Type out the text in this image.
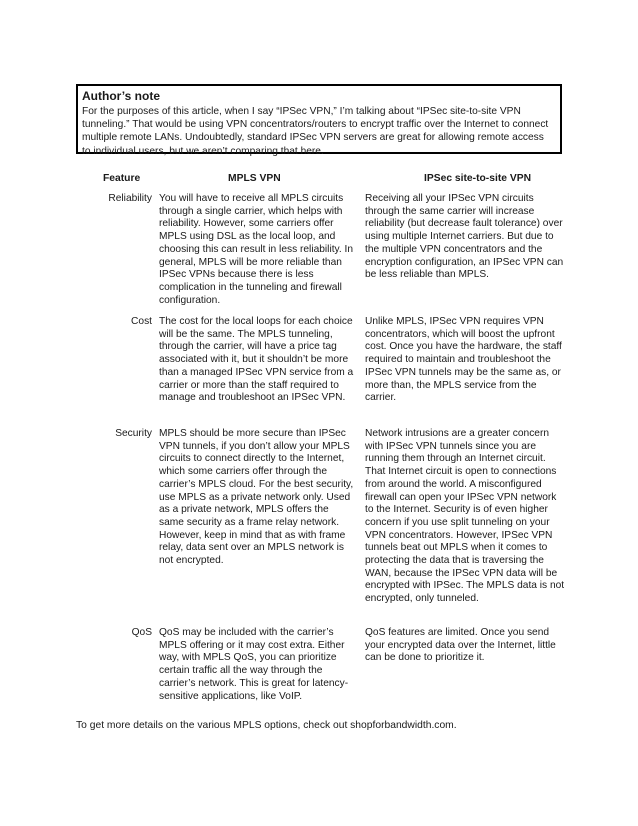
Author’s note

For the purposes of this article, when I say “IPSec VPN,” I’m talking about “IPSec site-to-site VPN tunneling.” That would be using VPN concentrators/routers to encrypt traffic over the Internet to connect multiple remote LANs. Undoubtedly, standard IPSec VPN servers are great for allowing remote access to individual users, but we aren’t comparing that here.

Feature	MPLS VPN	IPSec site-to-site VPN

Reliability You will have to receive all MPLS circuits through a single carrier, which helps with reliability. However, some carriers offer MPLS using DSL as the local loop, and choosing this can result in less reliability. In general, MPLS will be more reliable than IPSec VPNs because there is less complication in the tunneling and firewall configuration.

Receiving all your IPSec VPN circuits through the same carrier will increase reliability (but decrease fault tolerance) over using multiple Internet carriers. But due to the multiple VPN concentrators and the encryption configuration, an IPSec VPN can be less reliable than MPLS.

Cost The cost for the local loops for each choice will be the same. The MPLS tunneling, through the carrier, will have a price tag associated with it, but it shouldn’t be more than a managed IPSec VPN service from a carrier or more than the staff required to manage and troubleshoot an IPSec VPN.

Unlike MPLS, IPSec VPN requires VPN concentrators, which will boost the upfront cost. Once you have the hardware, the staff required to maintain and troubleshoot the IPSec VPN tunnels may be the same as, or more than, the MPLS service from the carrier.

Security MPLS should be more secure than IPSec VPN tunnels, if you don’t allow your MPLS circuits to connect directly to the Internet, which some carriers offer through the carrier’s MPLS cloud. For the best security, use MPLS as a private network only. Used as a private network, MPLS offers the same security as a frame relay network. However, keep in mind that as with frame relay, data sent over an MPLS network is not encrypted.

Network intrusions are a greater concern with IPSec VPN tunnels since you are running them through an Internet circuit. That Internet circuit is open to connections from around the world. A misconfigured firewall can open your IPSec VPN network to the Internet. Security is of even higher concern if you use split tunneling on your VPN concentrators. However, IPSec VPN tunnels beat out MPLS when it comes to protecting the data that is traversing the WAN, because the IPSec VPN data will be encrypted with IPSec. The MPLS data is not encrypted, only tunneled.

QoS QoS may be included with the carrier’s MPLS offering or it may cost extra. Either way, with MPLS QoS, you can prioritize certain traffic all the way through the carrier’s network. This is great for latency-sensitive applications, like VoIP.

QoS features are limited. Once you send your encrypted data over the Internet, little can be done to prioritize it.

To get more details on the various MPLS options, check out shopforbandwidth.com.
